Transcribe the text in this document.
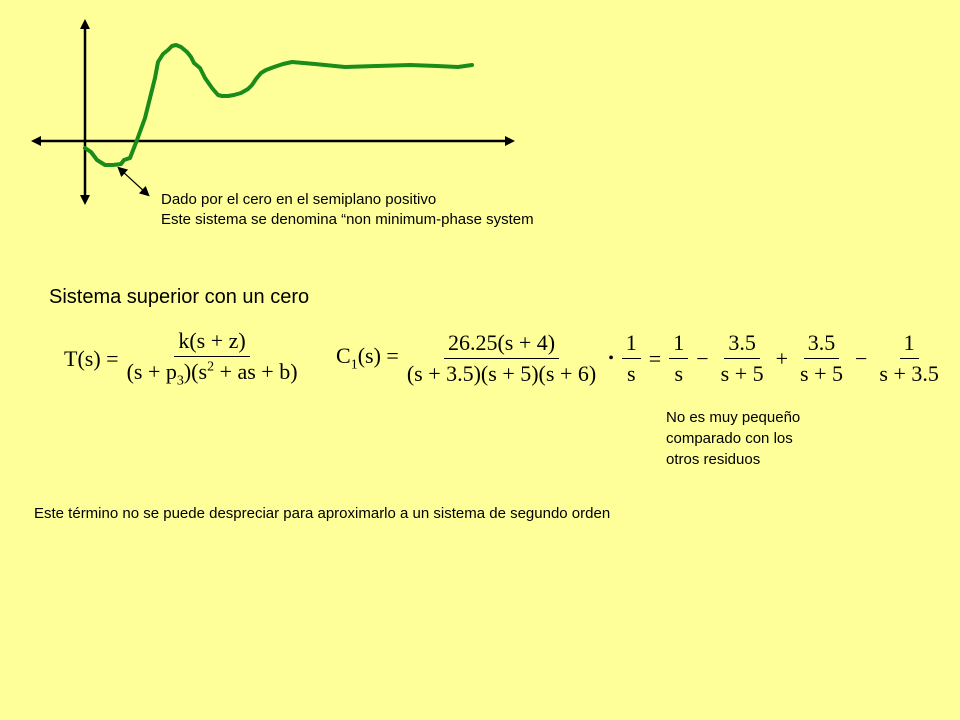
Dado por el cero en el semiplano positivo
Este sistema se denomina “non minimum-phase system
Sistema superior con un cero
$T(s) = \frac{k(s + z)}{(s + p_3)(s^2 + as + b)} C_1(s) = \frac{26.25(s + 4)}{(s + 3.5)(s + 5)(s + 6)}$ • $\frac{1}{s} = \frac{1}{s} - \frac{3.5}{s + 5} + \frac{3.5}{s + 5} - \frac{1}{s + 3.5}$
No es muy pequeño
comparado con los
otros residuos
Este término no se puede despreciar para aproximarlo a un sistema de segundo orden
